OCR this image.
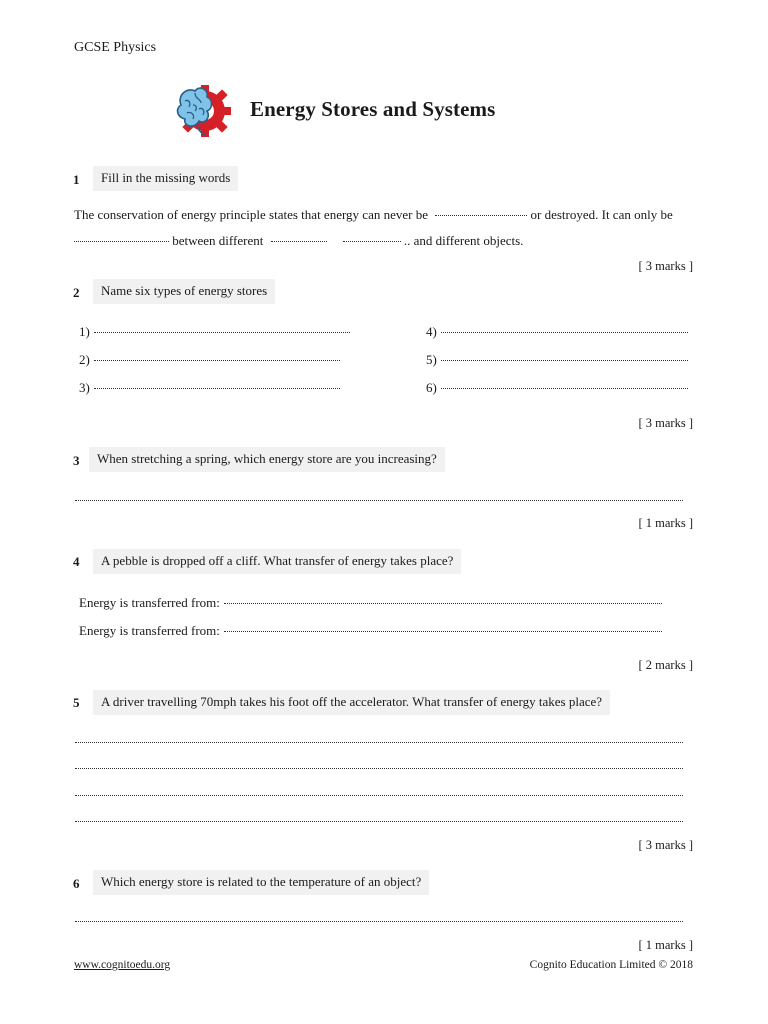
GCSE Physics
Energy Stores and Systems
1	Fill in the missing words
The conservation of energy principle states that energy can never be	or destroyed. It can only be
between different	.. and different objects.
[ 3 marks ]
2	Name six types of energy stores
1)
2)
3)
4)
5)
6)
[ 3 marks ]
3	When stretching a spring, which energy store are you increasing?
[ 1 marks ]
4	A pebble is dropped off a cliff. What transfer of energy takes place?
Energy is transferred from:
Energy is transferred from:
[ 2 marks ]
5	A driver travelling 70mph takes his foot off the accelerator. What transfer of energy takes place?
[ 3 marks ]
6	Which energy store is related to the temperature of an object?
[ 1 marks ]
www.cognitoedu.org	Cognito Education Limited © 2018
